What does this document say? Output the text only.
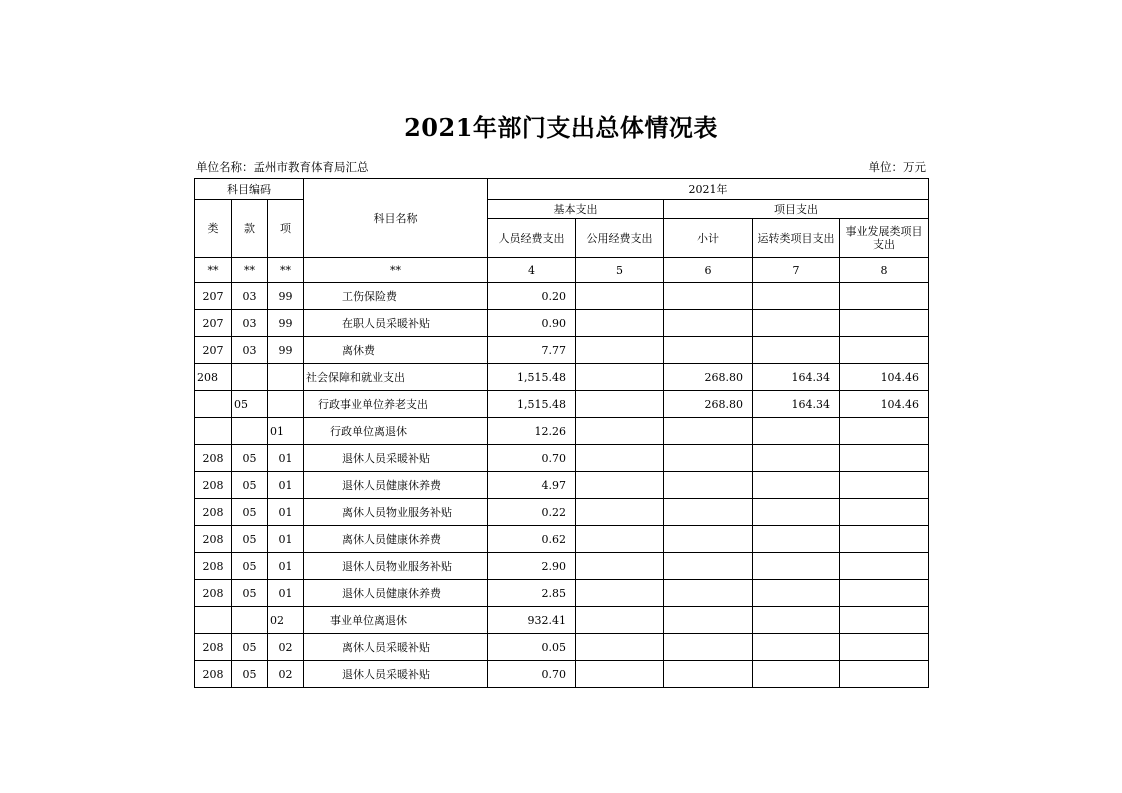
2021年部门支出总体情况表
单位名称：孟州市教育体育局汇总	单位：万元
科目编码			科目名称	2021年				
类	款	项		基本支出		项目支出		
				人员经费支出	公用经费支出	小计	运转类项目支出	事业发展类项目支出
**	**	**	**	4	5	6	7	8
207	03	99	工伤保险费	0.20				
207	03	99	在职人员采暖补贴	0.90				
207	03	99	离休费	7.77				
208			社会保障和就业支出	1,515.48		268.80	164.34	104.46
	05		行政事业单位养老支出	1,515.48		268.80	164.34	104.46
		01	行政单位离退休	12.26				
208	05	01	退休人员采暖补贴	0.70				
208	05	01	退休人员健康休养费	4.97				
208	05	01	离休人员物业服务补贴	0.22				
208	05	01	离休人员健康休养费	0.62				
208	05	01	退休人员物业服务补贴	2.90				
208	05	01	退休人员健康休养费	2.85				
		02	事业单位离退休	932.41				
208	05	02	离休人员采暖补贴	0.05				
208	05	02	退休人员采暖补贴	0.70				
